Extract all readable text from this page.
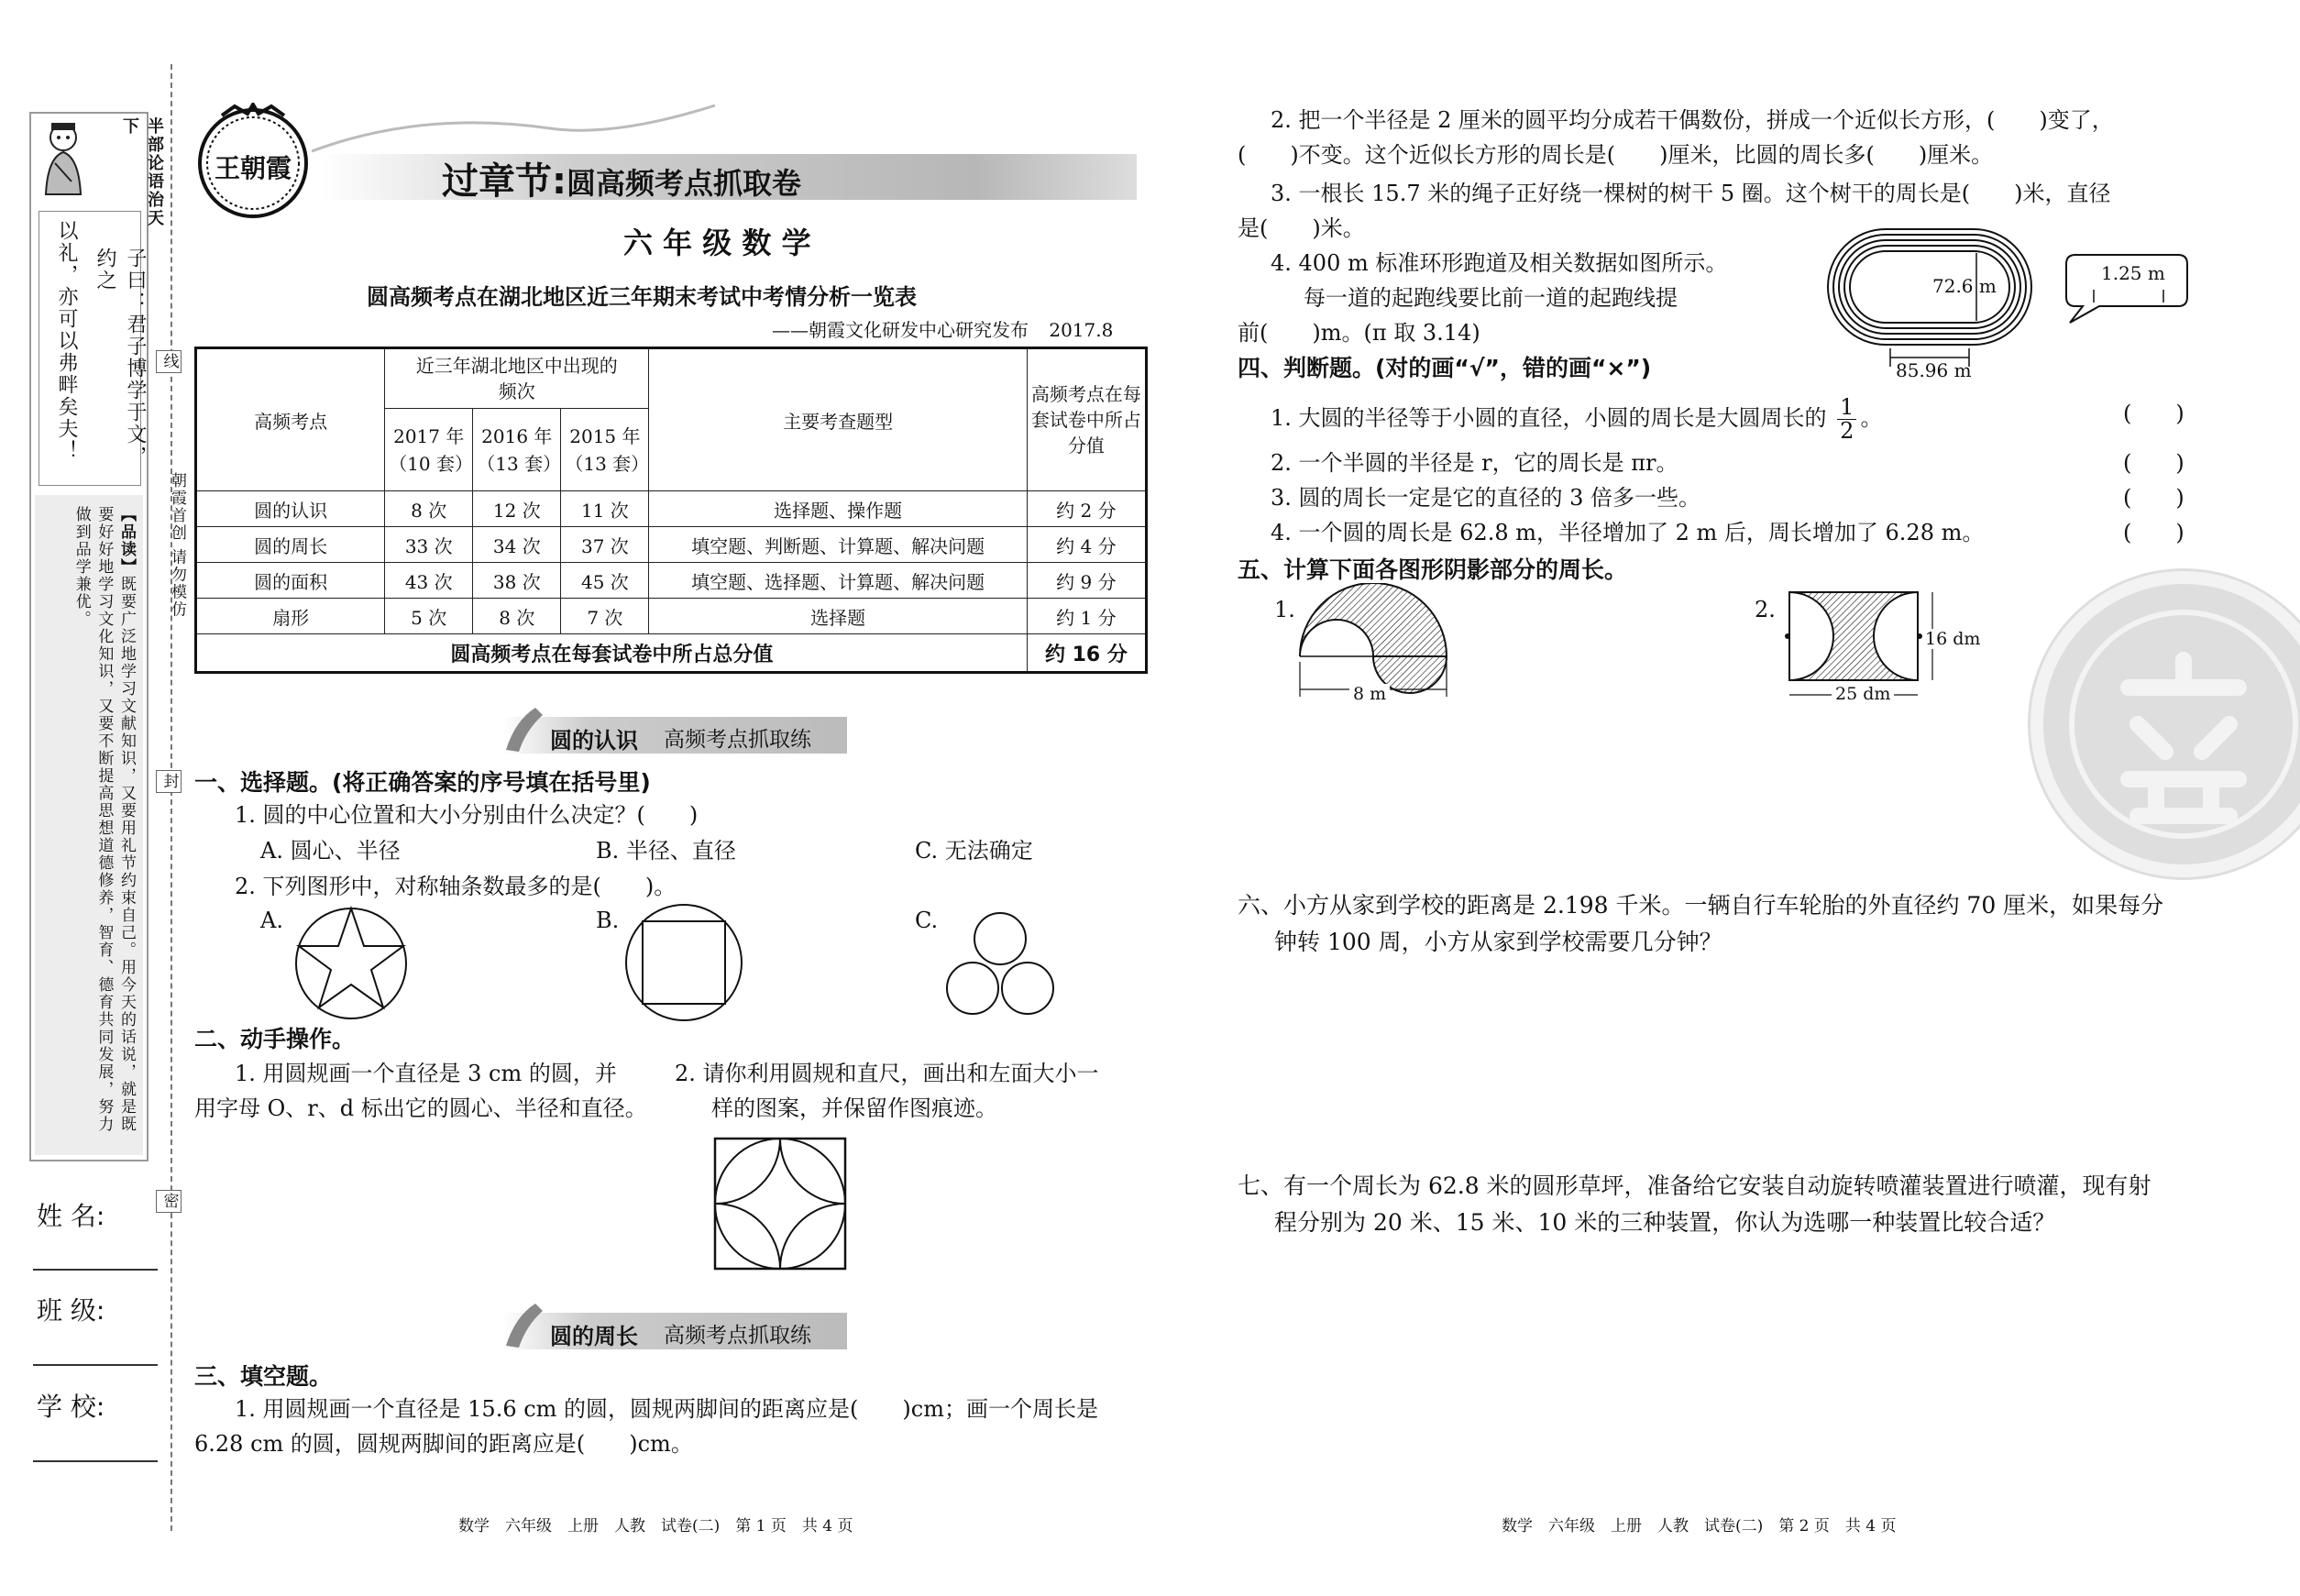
半部论语治天下
子曰：君子博学于文，约之
以礼，亦可以弗畔矣夫！
【品读】既要广泛地学习文献知识，又要用礼节约束自己。用今天的话说，就是既要好好地学习文化知识，又要不断提高思想道德修养，智育、德育共同发展，努力做到品学兼优。
姓 名:
班 级:
学 校:
线
朝霞首创 请勿模仿
封
密
王朝霞	过章节:圆高频考点抓取卷
六 年 级 数 学
圆高频考点在湖北地区近三年期末考试中考情分析一览表
——朝霞文化研发中心研究发布 2017.8
高频考点	近三年湖北地区中出现的频次			主要考查题型	高频考点在每套试卷中所占分值
	2017 年（10 套）	2016 年（13 套）	2015 年（13 套）		
圆的认识	8 次	12 次	11 次	选择题、操作题	约 2 分
圆的周长	33 次	34 次	37 次	填空题、判断题、计算题、解决问题	约 4 分
圆的面积	43 次	38 次	45 次	填空题、选择题、计算题、解决问题	约 9 分
扇形	5 次	8 次	7 次	选择题	约 1 分
圆高频考点在每套试卷中所占总分值					约 16 分
圆的认识 高频考点抓取练
一、选择题。(将正确答案的序号填在括号里)
1. 圆的中心位置和大小分别由什么决定？(　　)
A. 圆心、半径	B. 半径、直径	C. 无法确定
2. 下列图形中，对称轴条数最多的是(　　)。
A.	B.	C.
二、动手操作。
1. 用圆规画一个直径是 3 cm 的圆，并
用字母 O、r、d 标出它的圆心、半径和直径。
2. 请你利用圆规和直尺，画出和左面大小一
样的图案，并保留作图痕迹。
圆的周长 高频考点抓取练
三、填空题。
1. 用圆规画一个直径是 15.6 cm 的圆，圆规两脚间的距离应是(　　)cm；画一个周长是
6.28 cm 的圆，圆规两脚间的距离应是(　　)cm。
数学　六年级　上册　人教　试卷(二)　第 1 页　共 4 页
2. 把一个半径是 2 厘米的圆平均分成若干偶数份，拼成一个近似长方形，(　　)变了，
(　　)不变。这个近似长方形的周长是(　　)厘米，比圆的周长多(　　)厘米。
3. 一根长 15.7 米的绳子正好绕一棵树的树干 5 圈。这个树干的周长是(　　)米，直径
是(　　)米。
4. 400 m 标准环形跑道及相关数据如图所示。
每一道的起跑线要比前一道的起跑线提
前(　　)m。(π 取 3.14)
72.6 m
85.96 m
1.25 m
四、判断题。(对的画“√”，错的画“×”)
1. 大圆的半径等于小圆的直径，小圆的周长是大圆周长的 $\frac{1}{2}$ 。	(　　)
2. 一个半圆的半径是 r，它的周长是 πr。	(　　)
3. 圆的周长一定是它的直径的 3 倍多一些。	(　　)
4. 一个圆的周长是 62.8 m，半径增加了 2 m 后，周长增加了 6.28 m。	(　　)
五、计算下面各图形阴影部分的周长。
1.	2.
8 m
16 dm
25 dm
六、小方从家到学校的距离是 2.198 千米。一辆自行车轮胎的外直径约 70 厘米，如果每分
钟转 100 周，小方从家到学校需要几分钟？
七、有一个周长为 62.8 米的圆形草坪，准备给它安装自动旋转喷灌装置进行喷灌，现有射
程分别为 20 米、15 米、10 米的三种装置，你认为选哪一种装置比较合适？
数学　六年级　上册　人教　试卷(二)　第 2 页　共 4 页
